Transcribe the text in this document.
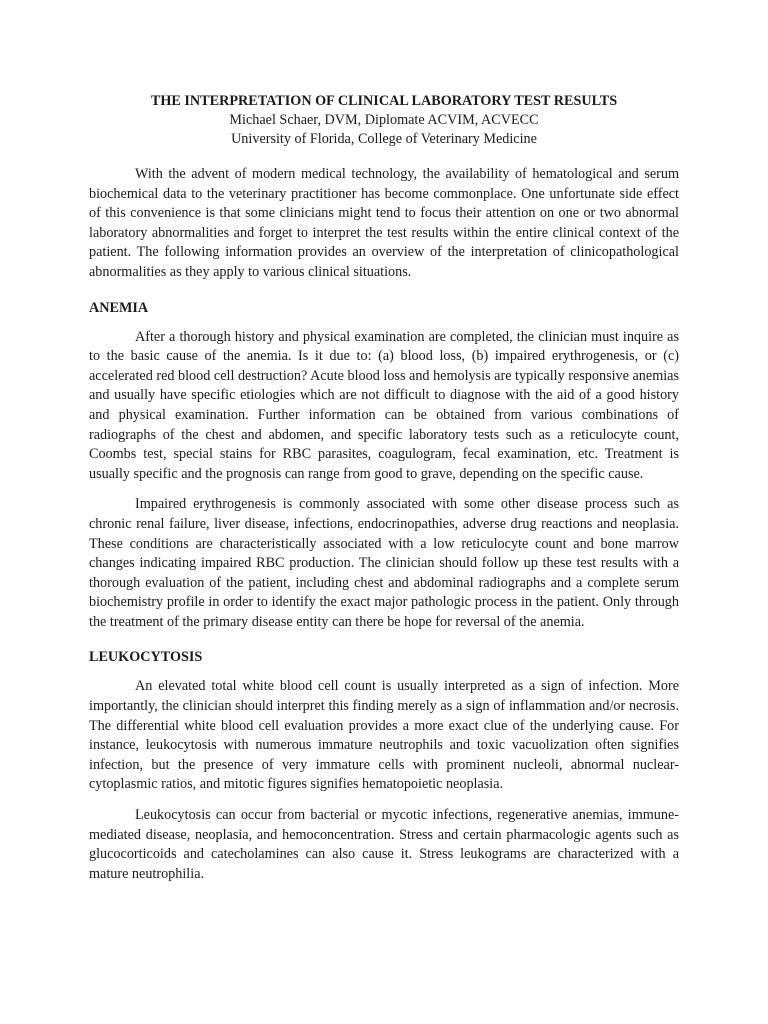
THE INTERPRETATION OF CLINICAL LABORATORY TEST RESULTS
Michael Schaer, DVM, Diplomate ACVIM, ACVECC
University of Florida, College of Veterinary Medicine

With the advent of modern medical technology, the availability of hematological and serum biochemical data to the veterinary practitioner has become commonplace. One unfortunate side effect of this convenience is that some clinicians might tend to focus their attention on one or two abnormal laboratory abnormalities and forget to interpret the test results within the entire clinical context of the patient. The following information provides an overview of the interpretation of clinicopathological abnormalities as they apply to various clinical situations.

ANEMIA

After a thorough history and physical examination are completed, the clinician must inquire as to the basic cause of the anemia. Is it due to: (a) blood loss, (b) impaired erythrogenesis, or (c) accelerated red blood cell destruction? Acute blood loss and hemolysis are typically responsive anemias and usually have specific etiologies which are not difficult to diagnose with the aid of a good history and physical examination. Further information can be obtained from various combinations of radiographs of the chest and abdomen, and specific laboratory tests such as a reticulocyte count, Coombs test, special stains for RBC parasites, coagulogram, fecal examination, etc. Treatment is usually specific and the prognosis can range from good to grave, depending on the specific cause.

Impaired erythrogenesis is commonly associated with some other disease process such as chronic renal failure, liver disease, infections, endocrinopathies, adverse drug reactions and neoplasia. These conditions are characteristically associated with a low reticulocyte count and bone marrow changes indicating impaired RBC production. The clinician should follow up these test results with a thorough evaluation of the patient, including chest and abdominal radiographs and a complete serum biochemistry profile in order to identify the exact major pathologic process in the patient. Only through the treatment of the primary disease entity can there be hope for reversal of the anemia.

LEUKOCYTOSIS

An elevated total white blood cell count is usually interpreted as a sign of infection. More importantly, the clinician should interpret this finding merely as a sign of inflammation and/or necrosis. The differential white blood cell evaluation provides a more exact clue of the underlying cause. For instance, leukocytosis with numerous immature neutrophils and toxic vacuolization often signifies infection, but the presence of very immature cells with prominent nucleoli, abnormal nuclear-cytoplasmic ratios, and mitotic figures signifies hematopoietic neoplasia.

Leukocytosis can occur from bacterial or mycotic infections, regenerative anemias, immune-mediated disease, neoplasia, and hemoconcentration. Stress and certain pharmacologic agents such as glucocorticoids and catecholamines can also cause it. Stress leukograms are characterized with a mature neutrophilia.
